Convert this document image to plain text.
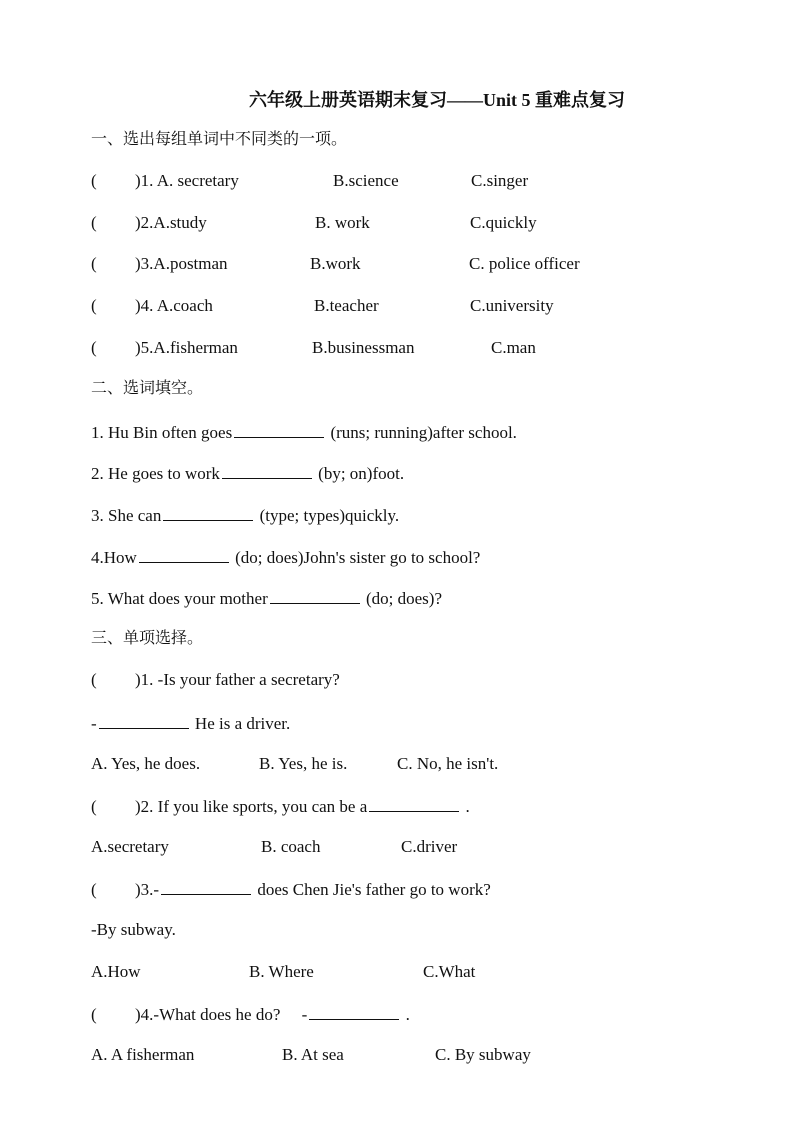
六年级上册英语期末复习——Unit 5 重难点复习
一、选出每组单词中不同类的一项。
( )1. A. secretary	B.science	C.singer
( )2.A.study	B. work	C.quickly
( )3.A.postman	B.work	C. police officer
( )4. A.coach	B.teacher	C.university
( )5.A.fisherman	B.businessman	C.man
二、选词填空。
1. Hu Bin often goes	(runs; running)after school.
2. He goes to work	(by; on)foot.
3. She can	(type; types)quickly.
4.How	(do; does)John's sister go to school?
5. What does your mother	(do; does)?
三、单项选择。
( )1. -Is your father a secretary?
-	He is a driver.
A. Yes, he does.	B. Yes, he is.	C. No, he isn't.
( )2. If you like sports, you can be a	.
A.secretary	B. coach	C.driver
( )3.-	does Chen Jie's father go to work?
-By subway.
A.How	B. Where	C.What
( )4.-What does he do? -	.
A. A fisherman	B. At sea	C. By subway
